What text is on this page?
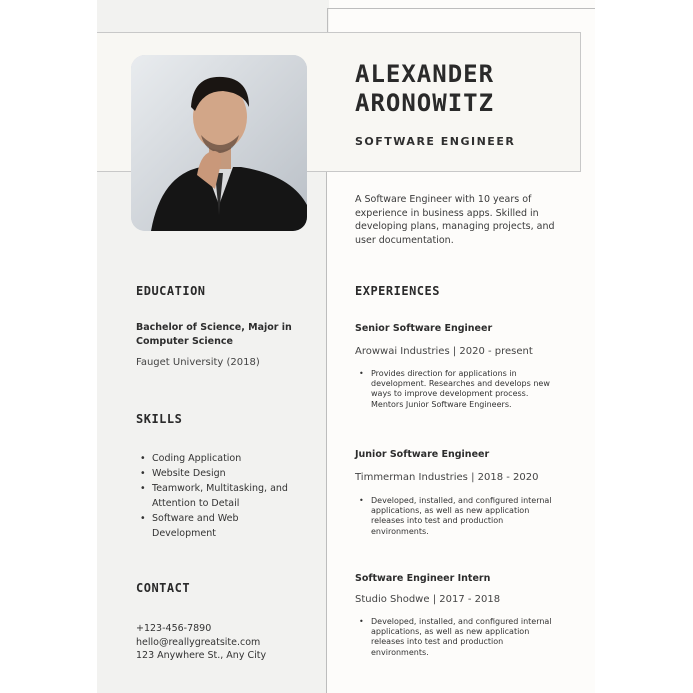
ALEXANDER
ARONOWITZ
SOFTWARE ENGINEER
A Software Engineer with 10 years of experience in business apps. Skilled in developing plans, managing projects, and user documentation.
EDUCATION
Bachelor of Science, Major in Computer Science
Fauget University (2018)
SKILLS
• Coding Application
• Website Design
• Teamwork, Multitasking, and Attention to Detail
• Software and Web Development
CONTACT
+123-456-7890
hello@reallygreatsite.com
123 Anywhere St., Any City
EXPERIENCES
Senior Software Engineer
Arowwai Industries | 2020 - present
• Provides direction for applications in development. Researches and develops new ways to improve development process. Mentors Junior Software Engineers.
Junior Software Engineer
Timmerman Industries | 2018 - 2020
• Developed, installed, and configured internal applications, as well as new application releases into test and production environments.
Software Engineer Intern
Studio Shodwe | 2017 - 2018
• Developed, installed, and configured internal applications, as well as new application releases into test and production environments.
